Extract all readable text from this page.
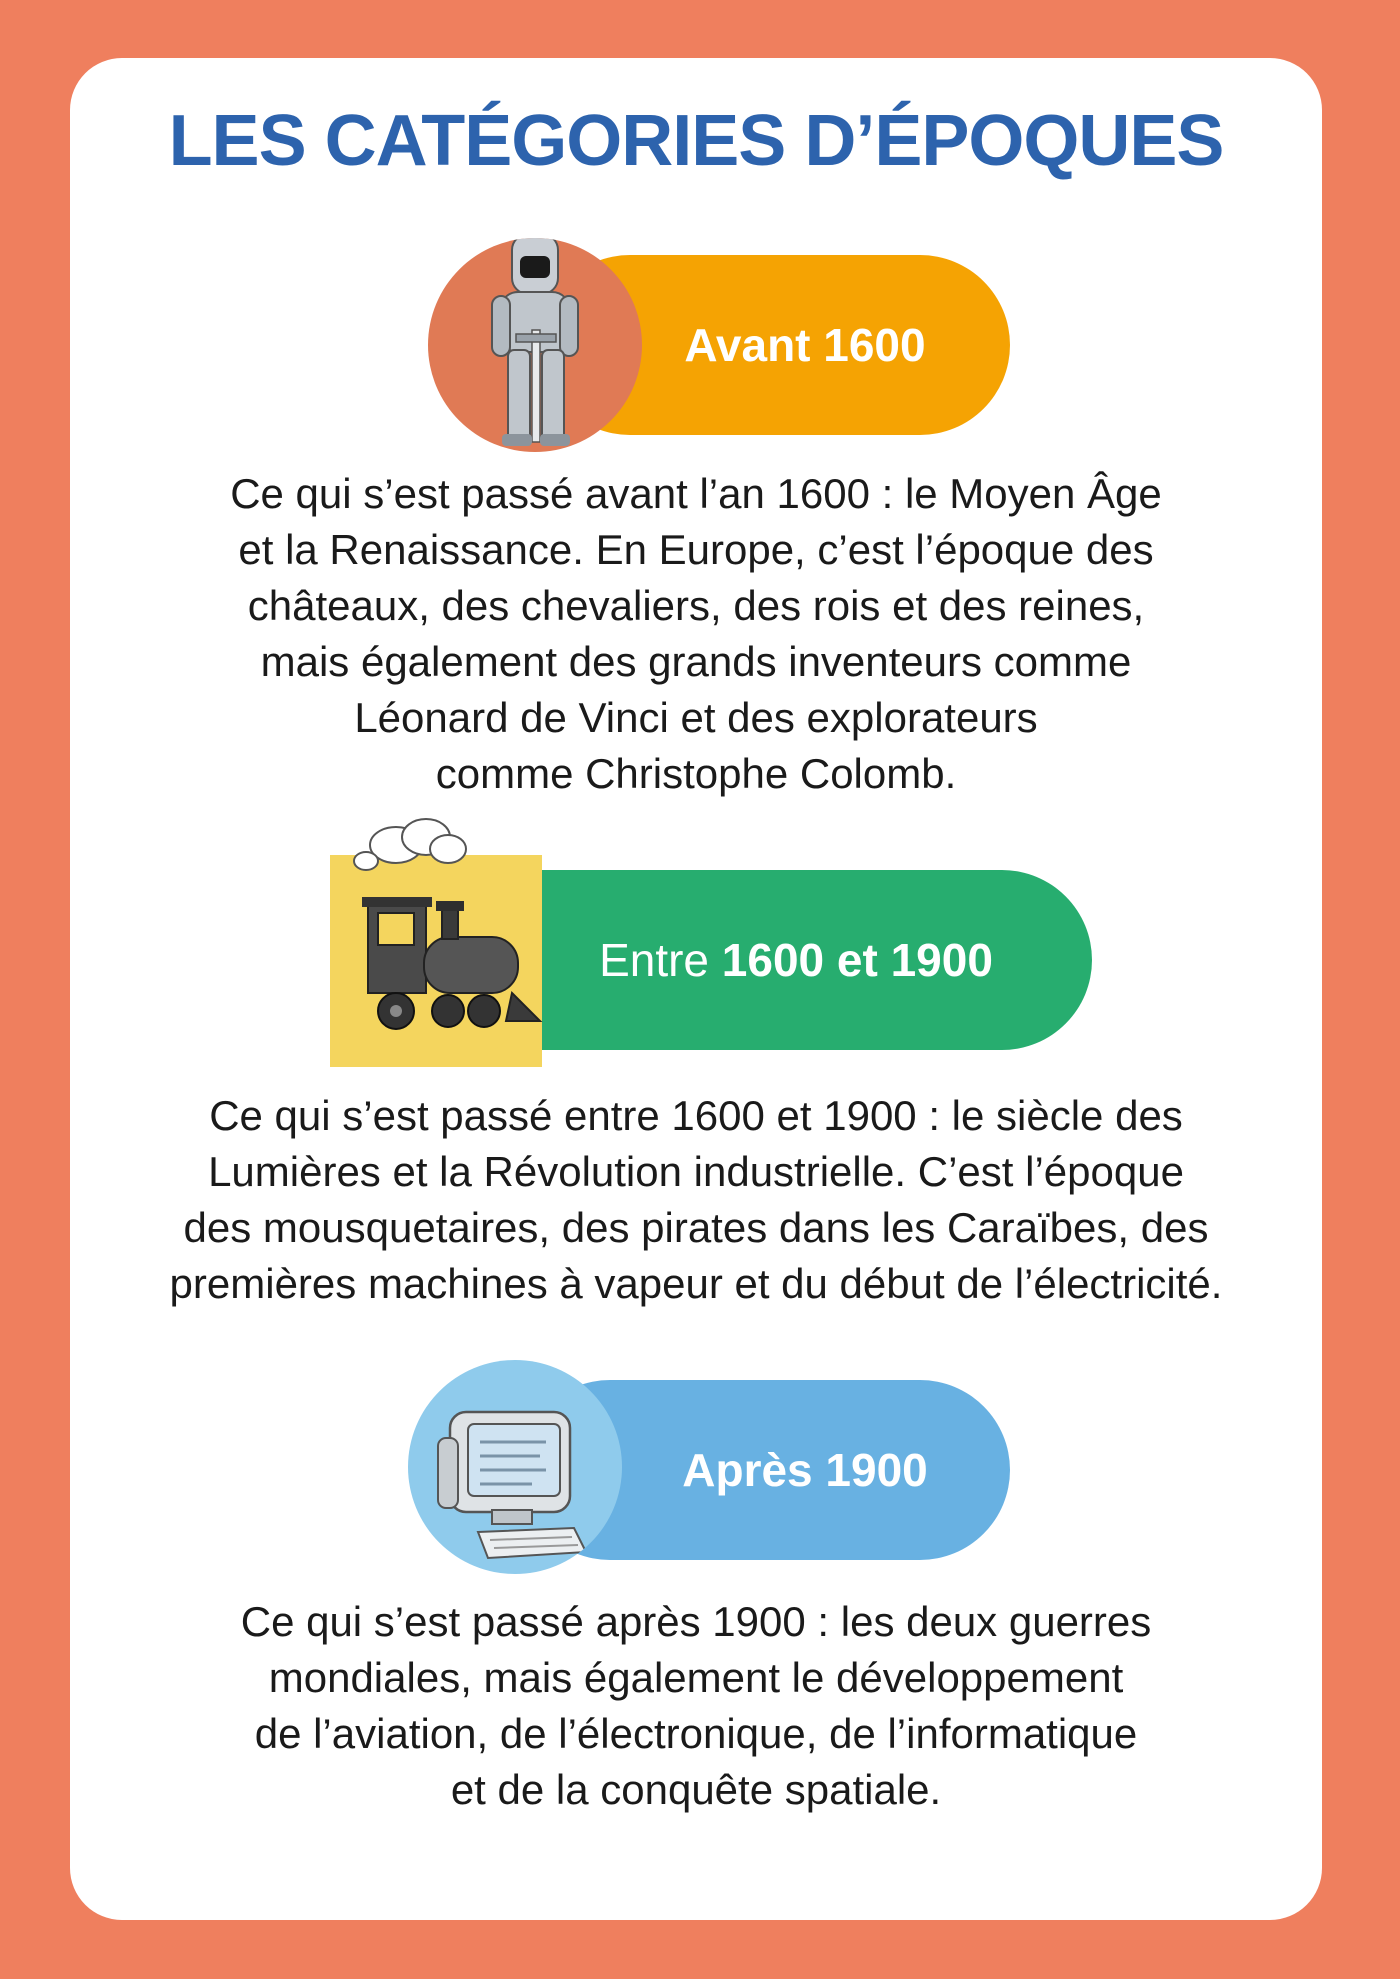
LES CATÉGORIES D’ÉPOQUES
Avant 1600

Ce qui s’est passé avant l’an 1600 : le Moyen Âge
et la Renaissance. En Europe, c’est l’époque des
châteaux, des chevaliers, des rois et des reines,
mais également des grands inventeurs comme
Léonard de Vinci et des explorateurs
comme Christophe Colomb.

Entre 1600 et 1900

Ce qui s’est passé entre 1600 et 1900 : le siècle des
Lumières et la Révolution industrielle. C’est l’époque
des mousquetaires, des pirates dans les Caraïbes, des
premières machines à vapeur et du début de l’électricité.

Après 1900

Ce qui s’est passé après 1900 : les deux guerres
mondiales, mais également le développement
de l’aviation, de l’électronique, de l’informatique
et de la conquête spatiale.
